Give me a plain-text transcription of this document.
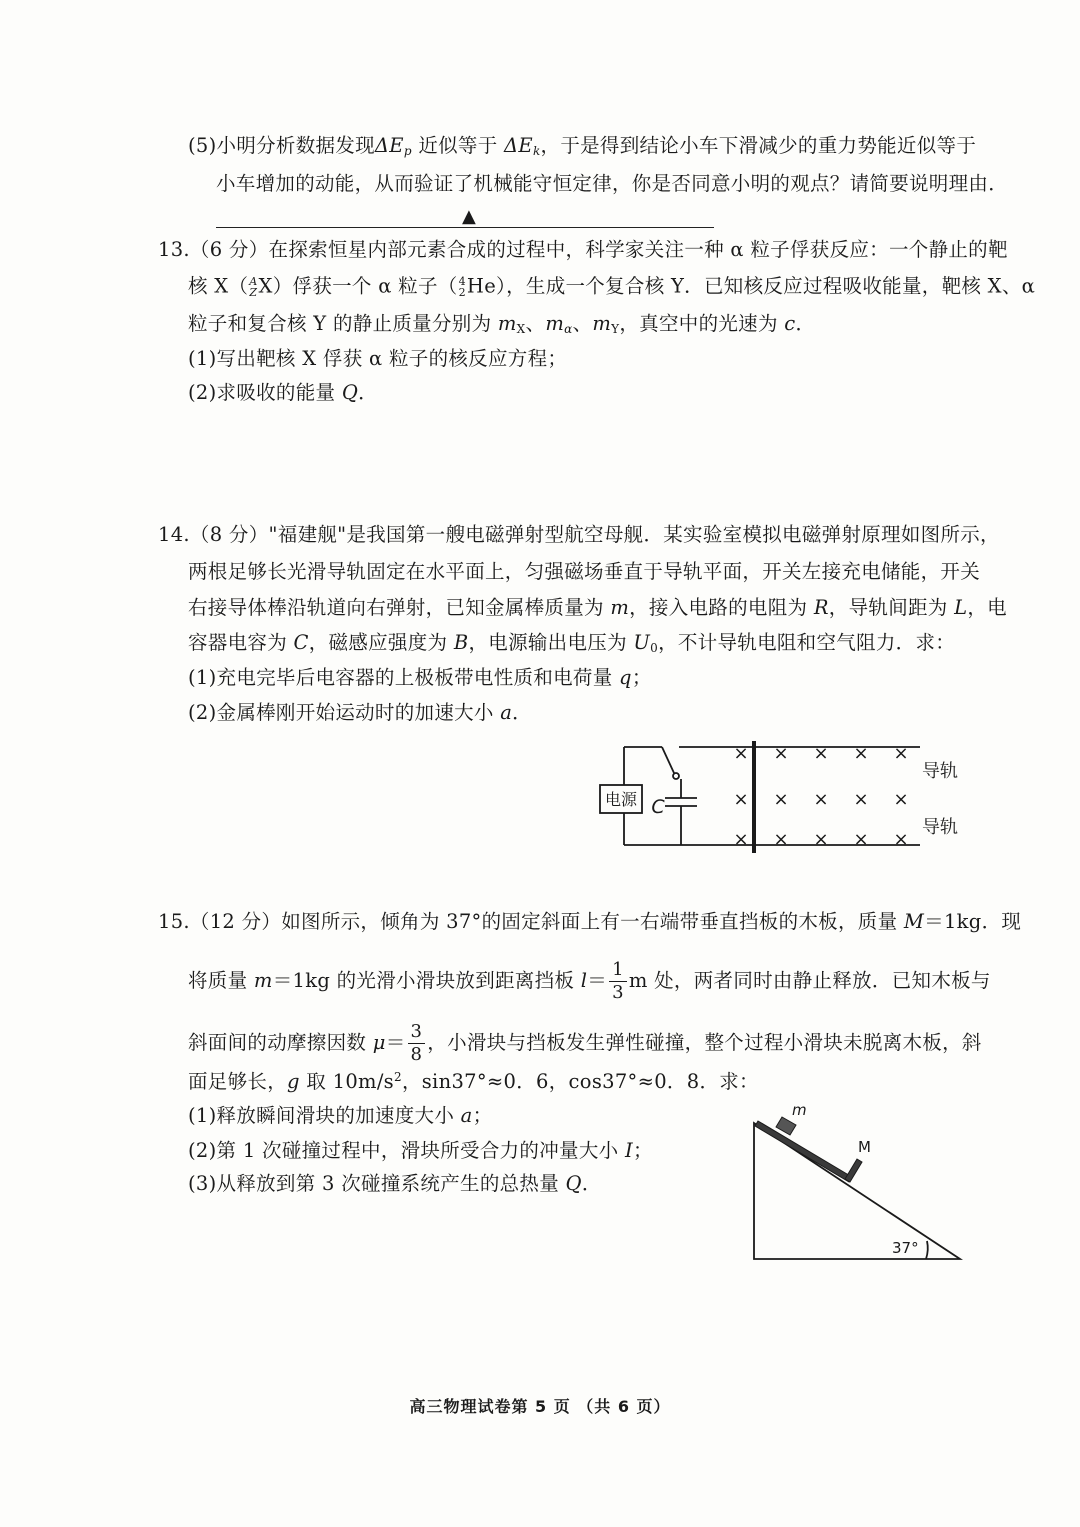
(5)小明分析数据发现$\Delta E_p$ 近似等于 $\Delta E_k$，于是得到结论小车下滑减少的重力势能近似等于
小车增加的动能，从而验证了机械能守恒定律，你是否同意小明的观点？请简要说明理由．
▲
13.（6 分）在探索恒星内部元素合成的过程中，科学家关注一种 α 粒子俘获反应：一个静止的靶
核 X（ A
Z X）俘获一个 α 粒子（ 4
2 He），生成一个复合核 Y．已知核反应过程吸收能量，靶核 X、α
粒子和复合核 Y 的静止质量分别为 $m_X$、$m_\alpha$、$m_Y$，真空中的光速为 c．
(1)写出靶核 X 俘获 α 粒子的核反应方程；
(2)求吸收的能量 Q．
14.（8 分）"福建舰"是我国第一艘电磁弹射型航空母舰．某实验室模拟电磁弹射原理如图所示，
两根足够长光滑导轨固定在水平面上，匀强磁场垂直于导轨平面，开关左接充电储能，开关
右接导体棒沿轨道向右弹射，已知金属棒质量为 m，接入电路的电阻为 R，导轨间距为 L，电
容器电容为 C，磁感应强度为 B，电源输出电压为 $U_0$，不计导轨电阻和空气阻力．求：
(1)充电完毕后电容器的上极板带电性质和电荷量 q；
(2)金属棒刚开始运动时的加速大小 a．
电源 C
导轨
导轨
× × × × ×
× × × × ×
× × × × ×
15.（12 分）如图所示，倾角为 37°的固定斜面上有一右端带垂直挡板的木板，质量 M＝1kg．现
将质量 m＝1kg 的光滑小滑块放到距离挡板 $l= \frac{1}{3}$ m 处，两者同时由静止释放．已知木板与
斜面间的动摩擦因数 $\mu= \frac{3}{8}$ ，小滑块与挡板发生弹性碰撞，整个过程小滑块未脱离木板，斜
面足够长，g 取 $10m/s^2$，sin37°≈0．6，cos37°≈0．8．求：
(1)释放瞬间滑块的加速度大小 a；
(2)第 1 次碰撞过程中，滑块所受合力的冲量大小 I；
(3)从释放到第 3 次碰撞系统产生的总热量 Q．
m
M
37°
高三物理试卷第 5 页 （共 6 页）
